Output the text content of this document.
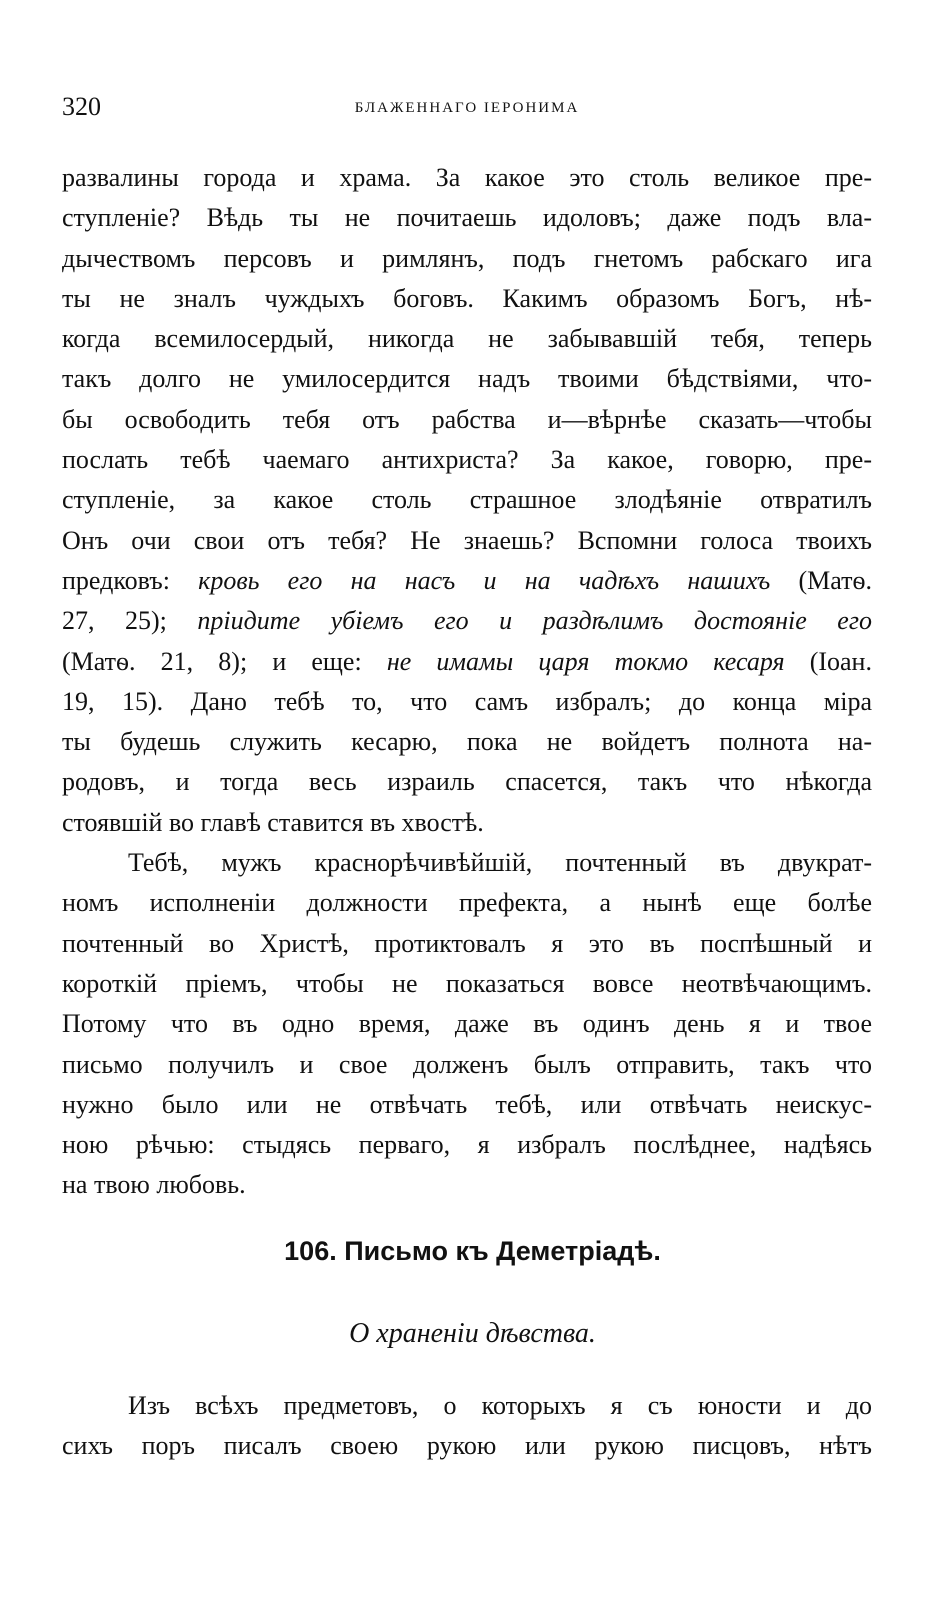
320	БЛАЖЕННАГО ІЕРОНИМА
развалины города и храма. За какое это столь великое пре-
ступленіе? Вѣдь ты не почитаешь идоловъ; даже подъ вла-
дычествомъ персовъ и римлянъ, подъ гнетомъ рабскаго ига
ты не зналъ чуждыхъ боговъ. Какимъ образомъ Богъ, нѣ-
когда всемилосердый, никогда не забывавшій тебя, теперь
такъ долго не умилосердится надъ твоими бѣдствіями, что-
бы освободить тебя отъ рабства и—вѣрнѣе сказать—чтобы
послать тебѣ чаемаго антихриста? За какое, говорю, пре-
ступленіе, за какое столь страшное злодѣяніе отвратилъ
Онъ очи свои отъ тебя? Не знаешь? Вспомни голоса твоихъ
предковъ: кровь его на насъ и на чадѣхъ нашихъ (Матѳ.
27, 25); пріидите убіемъ его и раздѣлимъ достояніе его
(Матѳ. 21, 8); и еще: не имамы царя токмо кесаря (Іоан.
19, 15). Дано тебѣ то, что самъ избралъ; до конца міра
ты будешь служить кесарю, пока не войдетъ полнота на-
родовъ, и тогда весь израиль спасется, такъ что нѣкогда
стоявшій во главѣ ставится въ хвостѣ.
Тебѣ, мужъ краснорѣчивѣйшій, почтенный въ двукрат-
номъ исполненіи должности префекта, а нынѣ еще болѣе
почтенный во Христѣ, протиктовалъ я это въ поспѣшный и
короткій пріемъ, чтобы не показаться вовсе неотвѣчающимъ.
Потому что въ одно время, даже въ одинъ день я и твое
письмо получилъ и свое долженъ былъ отправить, такъ что
нужно было или не отвѣчать тебѣ, или отвѣчать неискус-
ною рѣчью: стыдясь перваго, я избралъ послѣднее, надѣясь
на твою любовь.
106. Письмо къ Деметріадѣ.
О храненіи дѣвства.
Изъ всѣхъ предметовъ, о которыхъ я съ юности и до
сихъ поръ писалъ своею рукою или рукою писцовъ, нѣтъ
